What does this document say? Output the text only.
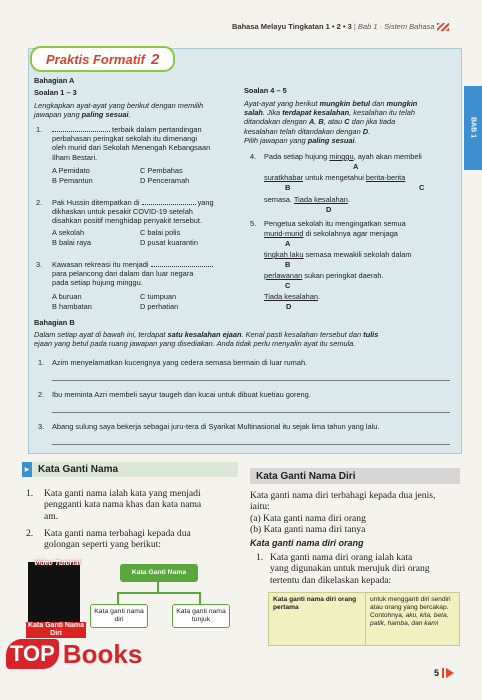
Bahasa Melayu Tingkatan 1 • 2 • 3 | Bab 1 · Sistem Bahasa
BAB 1
Praktis Formatif 2
Bahagian A
Soalan 1 – 3
Lengkapkan ayat-ayat yang berikut dengan memilih
jawapan yang paling sesuai.
1.	terbaik dalam pertandingan
perbahasan peringkat sekolah itu dimenangi
oleh murid dari Sekolah Menengah Kebangsaan
Ilham Bestari.
A Pemidato	C Pembahas
B Pemantun	D Penceramah
2. Pak Hussin ditempatkan di	yang
dikhaskan untuk pesakit COVID-19 setelah
disahkan positif menghidap penyakit tersebut.
A sekolah	C balai polis
B balai raya	D pusat kuarantin
3. Kawasan rekreasi itu menjadi
para pelancong dari dalam dan luar negara
pada setiap hujung minggu.
A buruan	C tumpuan
B hambatan	D perhatian
Soalan 4 – 5
Ayat-ayat yang berikut mungkin betul dan mungkin
salah. Jika terdapat kesalahan, kesalahan itu telah
ditandakan dengan A, B, atau C dan jika tiada
kesalahan telah ditandakan dengan D.
Pilih jawapan yang paling sesuai.
4. Pada setiap hujung minggu, ayah akan membeli
A
suratkhabar untuk mengetahui berita-berita
B	C
semasa. Tiada kesalahan.
D
5. Pengetua sekolah itu mengingatkan semua
murid-murid di sekolahnya agar menjaga
A
tingkah laku semasa mewakili sekolah dalam
B
perlawanan sukan peringkat daerah.
C
Tiada kesalahan.
D
Bahagian B
Dalam setiap ayat di bawah ini, terdapat satu kesalahan ejaan. Kenal pasti kesalahan tersebut dan tulis
ejaan yang betul pada ruang jawapan yang disediakan. Anda tidak perlu menyalin ayat itu semula.
1. Azim menyelamatkan kucengnya yang cedera semasa bermain di luar rumah.
2. Ibu meminta Azri membeli sayur taugeh dan kucai untuk dibuat kuetiau goreng.
3. Abang sulung saya bekerja sebagai juru-tera di Syarikat Multinasional itu sejak lima tahun yang lalu.
▶ Kata Ganti Nama
1. Kata ganti nama ialah kata yang menjadi
pengganti kata nama khas dan kata nama
am.
2. Kata ganti nama terbahagi kepada dua
golongan seperti yang berikut:
Video Tutorial
Kata Ganti Nama Diri
Kata Ganti Nama
Kata ganti nama diri
Kata ganti nama tunjuk
Kata Ganti Nama Diri
Kata ganti nama diri terbahagi kepada dua jenis,
iaitu:
(a) Kata ganti nama diri orang
(b) Kata ganti nama diri tanya
Kata ganti nama diri orang
1. Kata ganti nama diri orang ialah kata
yang digunakan untuk merujuk diri orang
tertentu dan dikelaskan kepada:
Kata ganti nama diri orang pertama
untuk mengganti diri sendiri atau orang yang bercakap. Contohnya, aku, kita, beta, patik, hamba, dan kami
TOP Books
5
